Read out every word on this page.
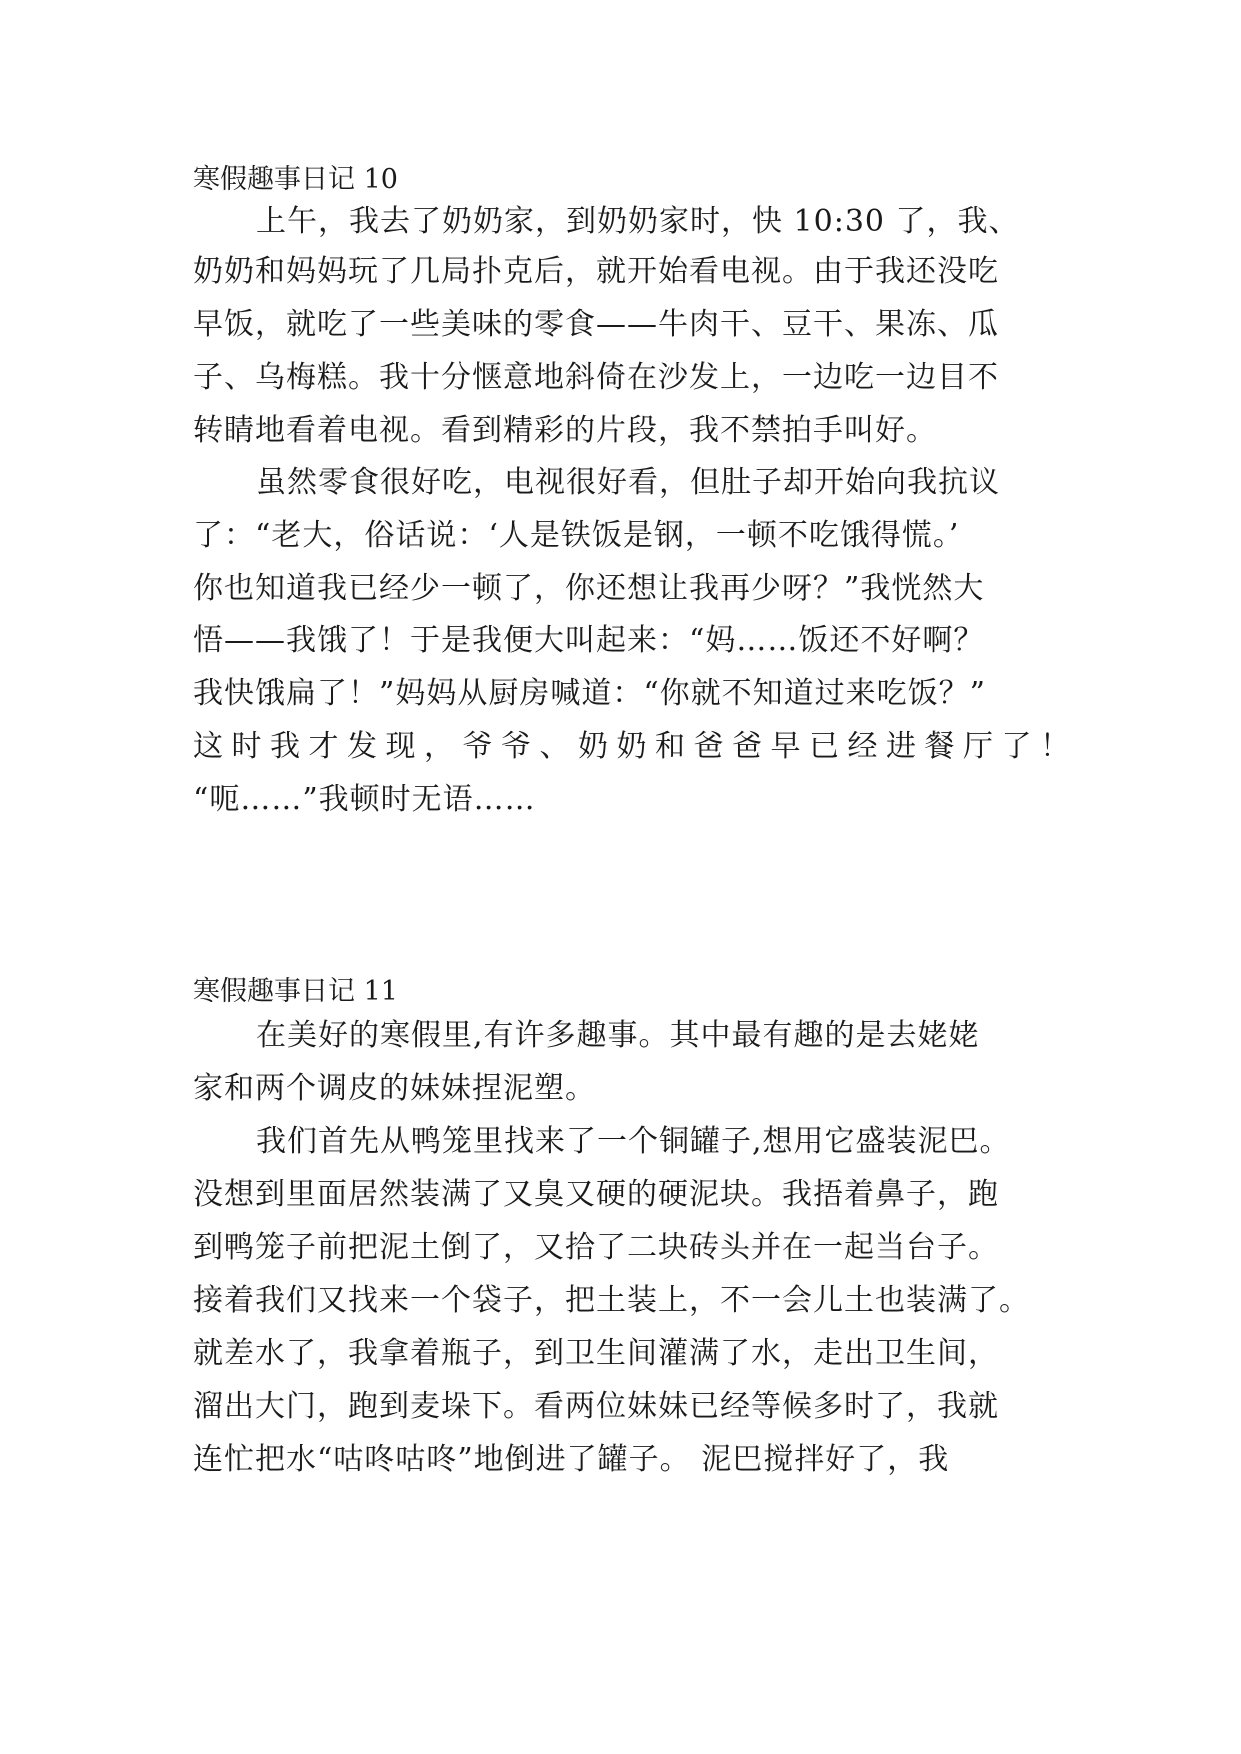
寒假趣事日记 10
上午，我去了奶奶家，到奶奶家时，快 10:30 了，我、
奶奶和妈妈玩了几局扑克后，就开始看电视。由于我还没吃
早饭，就吃了一些美味的零食——牛肉干、豆干、果冻、瓜
子、乌梅糕。我十分惬意地斜倚在沙发上，一边吃一边目不
转睛地看着电视。看到精彩的片段，我不禁拍手叫好。
虽然零食很好吃，电视很好看，但肚子却开始向我抗议
了：“老大，俗话说：‘人是铁饭是钢，一顿不吃饿得慌。’
你也知道我已经少一顿了，你还想让我再少呀？”我恍然大
悟——我饿了！于是我便大叫起来：“妈……饭还不好啊？
我快饿扁了！”妈妈从厨房喊道：“你就不知道过来吃饭？”
这时我才发现，爷爷、奶奶和爸爸早已经进餐厅了！
“呃……”我顿时无语……
寒假趣事日记 11
在美好的寒假里,有许多趣事。其中最有趣的是去姥姥
家和两个调皮的妹妹捏泥塑。
我们首先从鸭笼里找来了一个铜罐子,想用它盛装泥巴。
没想到里面居然装满了又臭又硬的硬泥块。我捂着鼻子，跑
到鸭笼子前把泥土倒了，又拾了二块砖头并在一起当台子。
接着我们又找来一个袋子，把土装上，不一会儿土也装满了。
就差水了，我拿着瓶子，到卫生间灌满了水，走出卫生间，
溜出大门，跑到麦垛下。看两位妹妹已经等候多时了，我就
连忙把水“咕咚咕咚”地倒进了罐子。 泥巴搅拌好了，我
